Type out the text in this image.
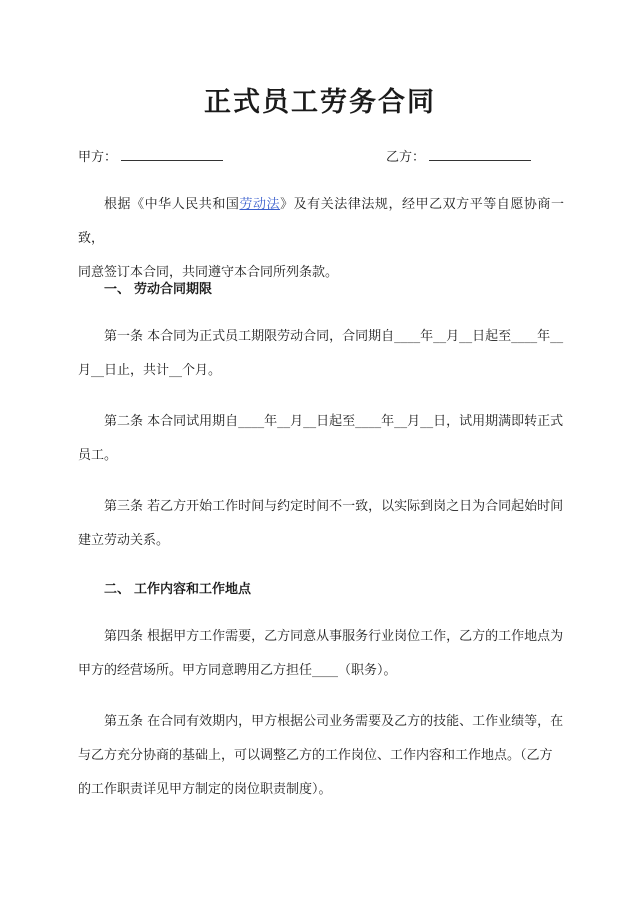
正式员工劳务合同
甲方：	乙方：
根据《中华人民共和国劳动法》及有关法律法规，经甲乙双方平等自愿协商一致，
同意签订本合同，共同遵守本合同所列条款。
一、 劳动合同期限
第一条 本合同为正式员工期限劳动合同，合同期自____年__月__日起至____年__
月__日止，共计__个月。
第二条 本合同试用期自____年__月__日起至____年__月__日，试用期满即转正式
员工。
第三条 若乙方开始工作时间与约定时间不一致，以实际到岗之日为合同起始时间
建立劳动关系。
二、 工作内容和工作地点
第四条 根据甲方工作需要，乙方同意从事服务行业岗位工作，乙方的工作地点为
甲方的经营场所。甲方同意聘用乙方担任____（职务）。
第五条 在合同有效期内，甲方根据公司业务需要及乙方的技能、工作业绩等，在
与乙方充分协商的基础上，可以调整乙方的工作岗位、工作内容和工作地点。（乙方
的工作职责详见甲方制定的岗位职责制度）。
